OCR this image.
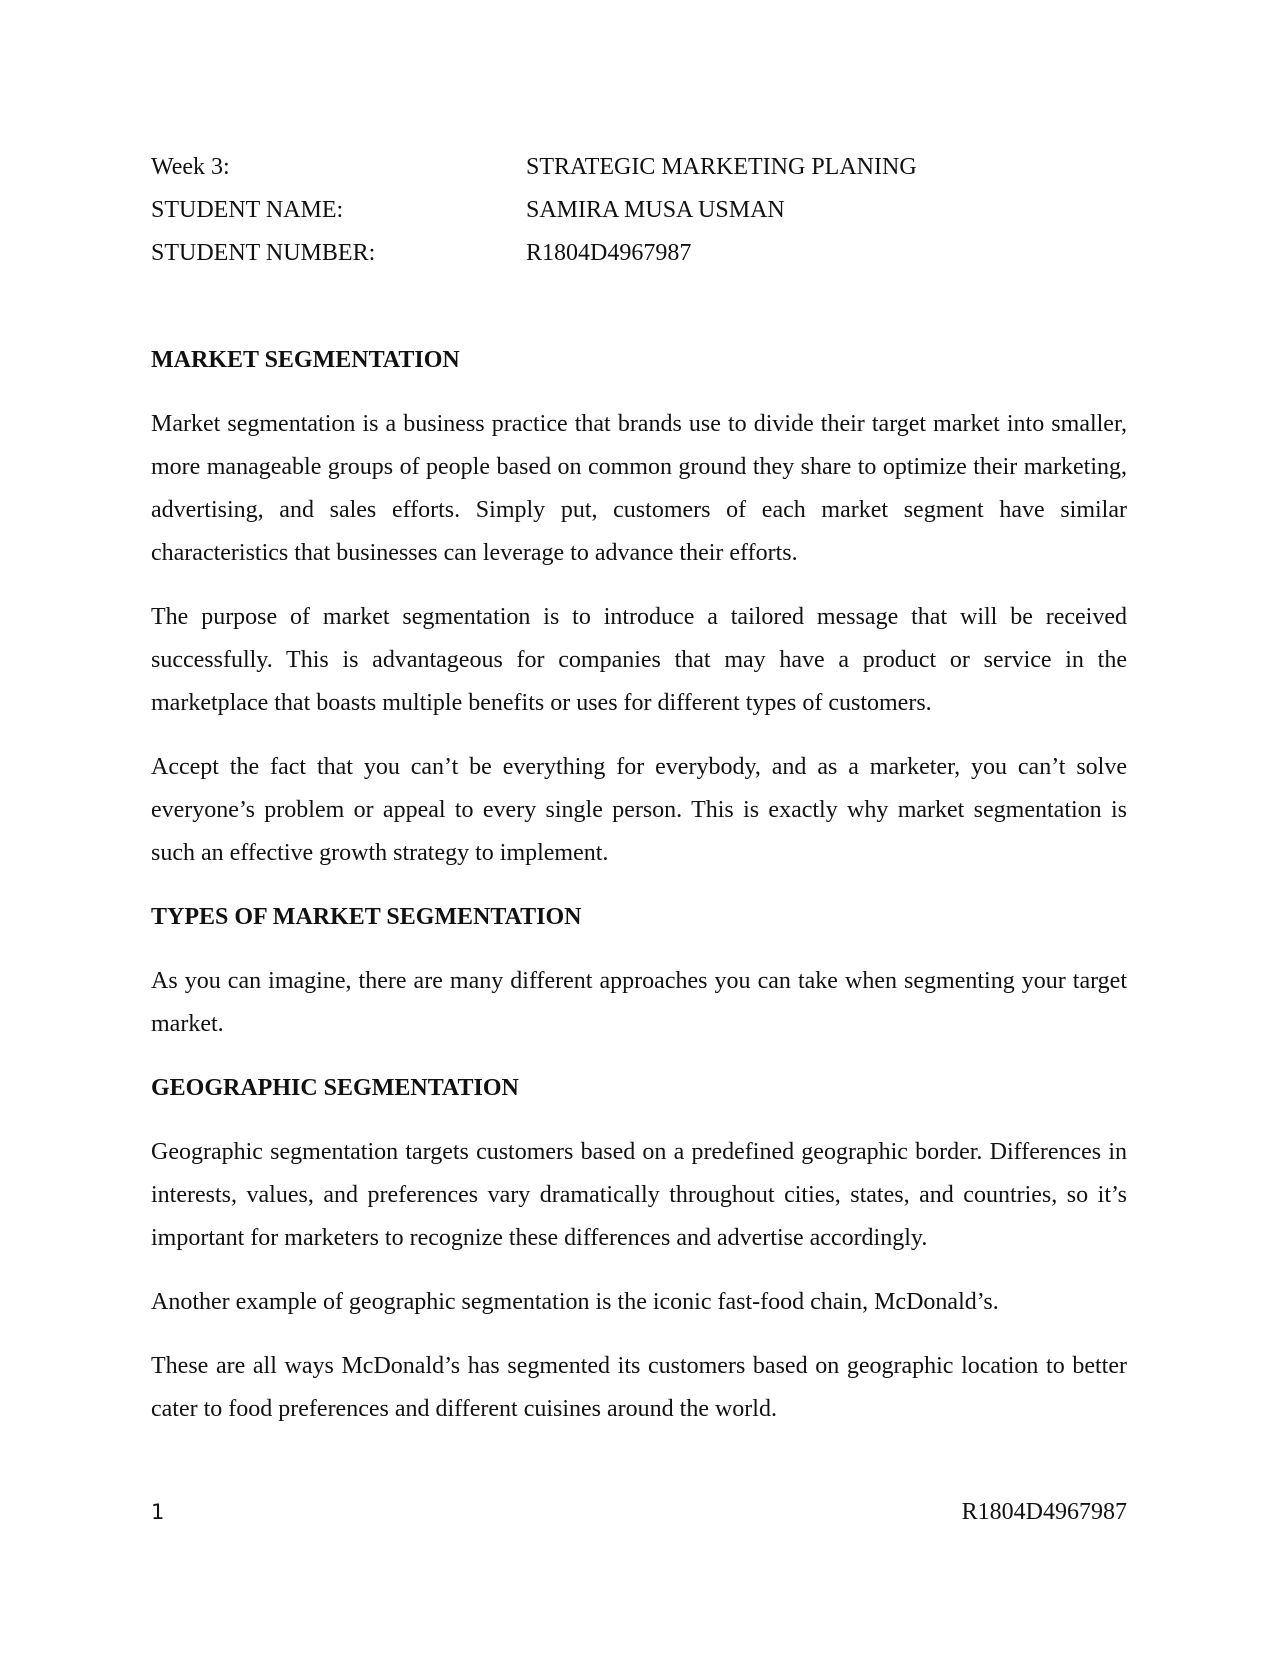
Week 3:	STRATEGIC MARKETING PLANING
STUDENT NAME:	SAMIRA MUSA USMAN
STUDENT NUMBER:	R1804D4967987
MARKET SEGMENTATION

Market segmentation is a business practice that brands use to divide their target market into smaller, more manageable groups of people based on common ground they share to optimize their marketing, advertising, and sales efforts. Simply put, customers of each market segment have similar characteristics that businesses can leverage to advance their efforts.

The purpose of market segmentation is to introduce a tailored message that will be received successfully. This is advantageous for companies that may have a product or service in the marketplace that boasts multiple benefits or uses for different types of customers.

Accept the fact that you can’t be everything for everybody, and as a marketer, you can’t solve everyone’s problem or appeal to every single person. This is exactly why market segmentation is such an effective growth strategy to implement.

TYPES OF MARKET SEGMENTATION

As you can imagine, there are many different approaches you can take when segmenting your target market.

GEOGRAPHIC SEGMENTATION

Geographic segmentation targets customers based on a predefined geographic border. Differences in interests, values, and preferences vary dramatically throughout cities, states, and countries, so it’s important for marketers to recognize these differences and advertise accordingly.

Another example of geographic segmentation is the iconic fast-food chain, McDonald’s.

These are all ways McDonald’s has segmented its customers based on geographic location to better cater to food preferences and different cuisines around the world.

1	R1804D4967987
